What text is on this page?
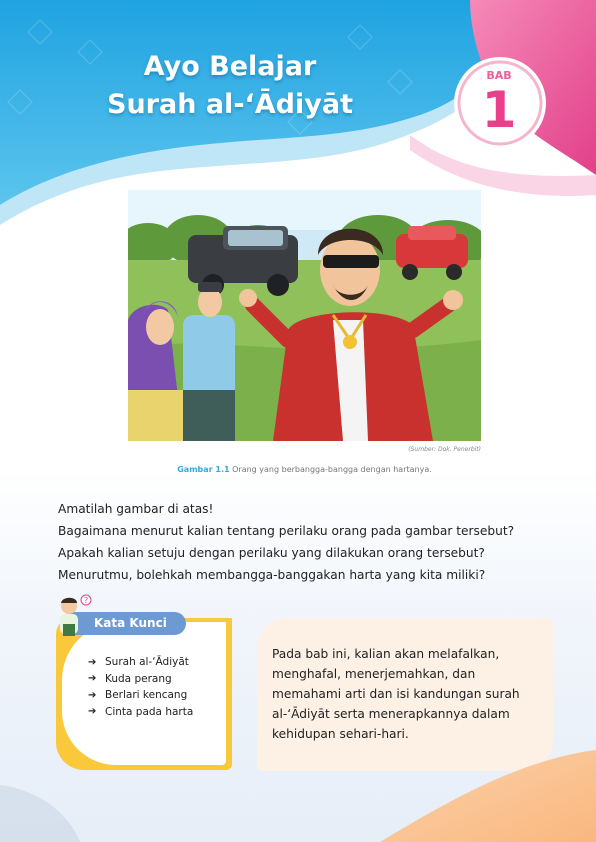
Ayo Belajar
Surah al-‘Ādiyāt
BAB
1
(Sumber: Dok. Penerbit)
Gambar 1.1 Orang yang berbangga-bangga dengan hartanya.

Amatilah gambar di atas!

Bagaimana menurut kalian tentang perilaku orang pada gambar tersebut?

Apakah kalian setuju dengan perilaku yang dilakukan orang tersebut?

Menurutmu, bolehkah membangga-banggakan harta yang kita miliki?

Kata Kunci
?
➔ Surah al-‘Ādiyāt
➔ Kuda perang
➔ Berlari kencang
➔ Cinta pada harta
Pada bab ini, kalian akan melafalkan, menghafal, menerjemahkan, dan memahami arti dan isi kandungan surah al-‘Ādiyāt serta menerapkannya dalam kehidupan sehari-hari.
